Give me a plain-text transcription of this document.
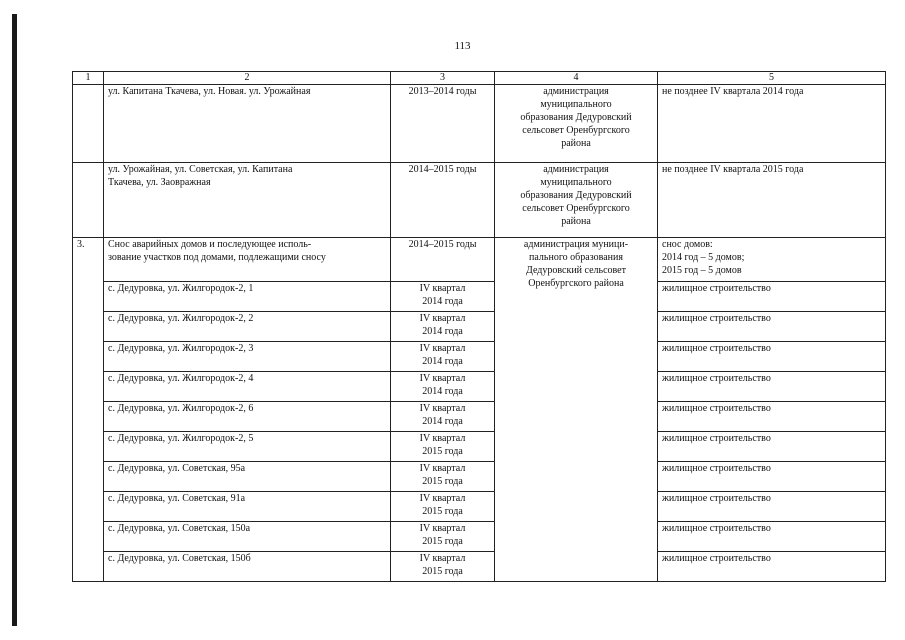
113
1	2	3	4	5
	ул. Капитана Ткачева, ул. Новая. ул. Урожайная	2013–2014 годы	администрация
муниципального
образования Дедуровский
сельсовет Оренбургского
района	не позднее IV квартала 2014 года
	ул. Урожайная, ул. Советская, ул. Капитана
Ткачева, ул. Заовражная	2014–2015 годы	администрация
муниципального
образования Дедуровский
сельсовет Оренбургского
района	не позднее IV квартала 2015 года
3.	Снос аварийных домов и последующее исполь-
зование участков под домами, подлежащими сносу	2014–2015 годы	администрация муници-
пального образования
Дедуровский сельсовет
Оренбургского района	снос домов:
2014 год – 5 домов;
2015 год – 5 домов
	с. Дедуровка, ул. Жилгородок-2, 1	IV квартал
2014 года		жилищное строительство
	с. Дедуровка, ул. Жилгородок-2, 2	IV квартал
2014 года		жилищное строительство
	с. Дедуровка, ул. Жилгородок-2, 3	IV квартал
2014 года		жилищное строительство
	с. Дедуровка, ул. Жилгородок-2, 4	IV квартал
2014 года		жилищное строительство
	с. Дедуровка, ул. Жилгородок-2, 6	IV квартал
2014 года		жилищное строительство
	с. Дедуровка, ул. Жилгородок-2, 5	IV квартал
2015 года		жилищное строительство
	с. Дедуровка, ул. Советская, 95а	IV квартал
2015 года		жилищное строительство
	с. Дедуровка, ул. Советская, 91а	IV квартал
2015 года		жилищное строительство
	с. Дедуровка, ул. Советская, 150а	IV квартал
2015 года		жилищное строительство
	с. Дедуровка, ул. Советская, 150б	IV квартал
2015 года		жилищное строительство
